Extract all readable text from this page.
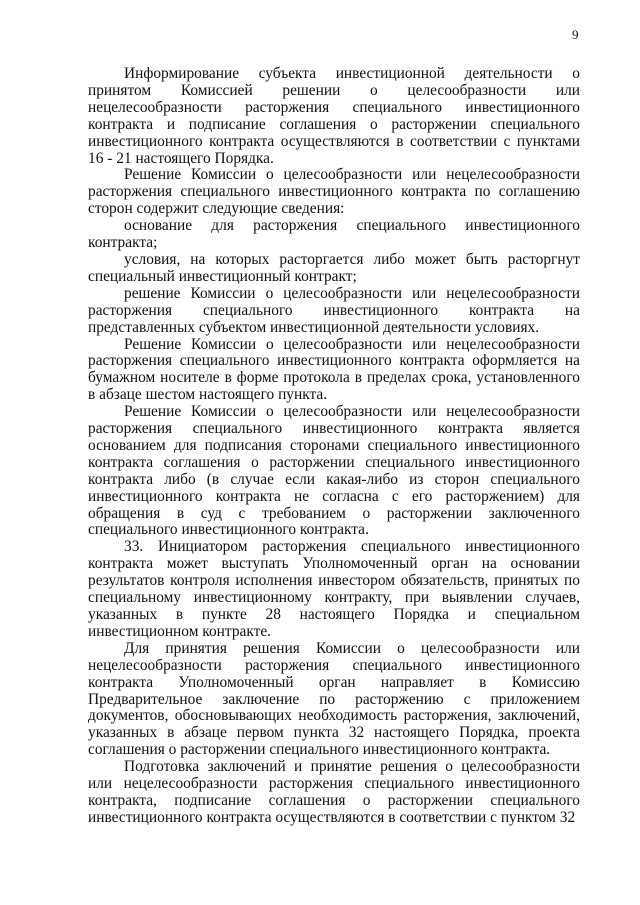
9

Информирование субъекта инвестиционной деятельности о принятом Комиссией решении о целесообразности или нецелесообразности расторжения специального инвестиционного контракта и подписание соглашения о расторжении специального инвестиционного контракта осуществляются в соответствии с пунктами 16 - 21 настоящего Порядка.

Решение Комиссии о целесообразности или нецелесообразности расторжения специального инвестиционного контракта по соглашению сторон содержит следующие сведения:

основание для расторжения специального инвестиционного контракта;

условия, на которых расторгается либо может быть расторгнут специальный инвестиционный контракт;

решение Комиссии о целесообразности или нецелесообразности расторжения специального инвестиционного контракта на представленных субъектом инвестиционной деятельности условиях.

Решение Комиссии о целесообразности или нецелесообразности расторжения специального инвестиционного контракта оформляется на бумажном носителе в форме протокола в пределах срока, установленного в абзаце шестом настоящего пункта.

Решение Комиссии о целесообразности или нецелесообразности расторжения специального инвестиционного контракта является основанием для подписания сторонами специального инвестиционного контракта соглашения о расторжении специального инвестиционного контракта либо (в случае если какая-либо из сторон специального инвестиционного контракта не согласна с его расторжением) для обращения в суд с требованием о расторжении заключенного специального инвестиционного контракта.

33. Инициатором расторжения специального инвестиционного контракта может выступать Уполномоченный орган на основании результатов контроля исполнения инвестором обязательств, принятых по специальному инвестиционному контракту, при выявлении случаев, указанных в пункте 28 настоящего Порядка и специальном инвестиционном контракте.

Для принятия решения Комиссии о целесообразности или нецелесообразности расторжения специального инвестиционного контракта Уполномоченный орган направляет в Комиссию Предварительное заключение по расторжению с приложением документов, обосновывающих необходимость расторжения, заключений, указанных в абзаце первом пункта 32 настоящего Порядка, проекта соглашения о расторжении специального инвестиционного контракта.

Подготовка заключений и принятие решения о целесообразности или нецелесообразности расторжения специального инвестиционного контракта, подписание соглашения о расторжении специального инвестиционного контракта осуществляются в соответствии с пунктом 32
